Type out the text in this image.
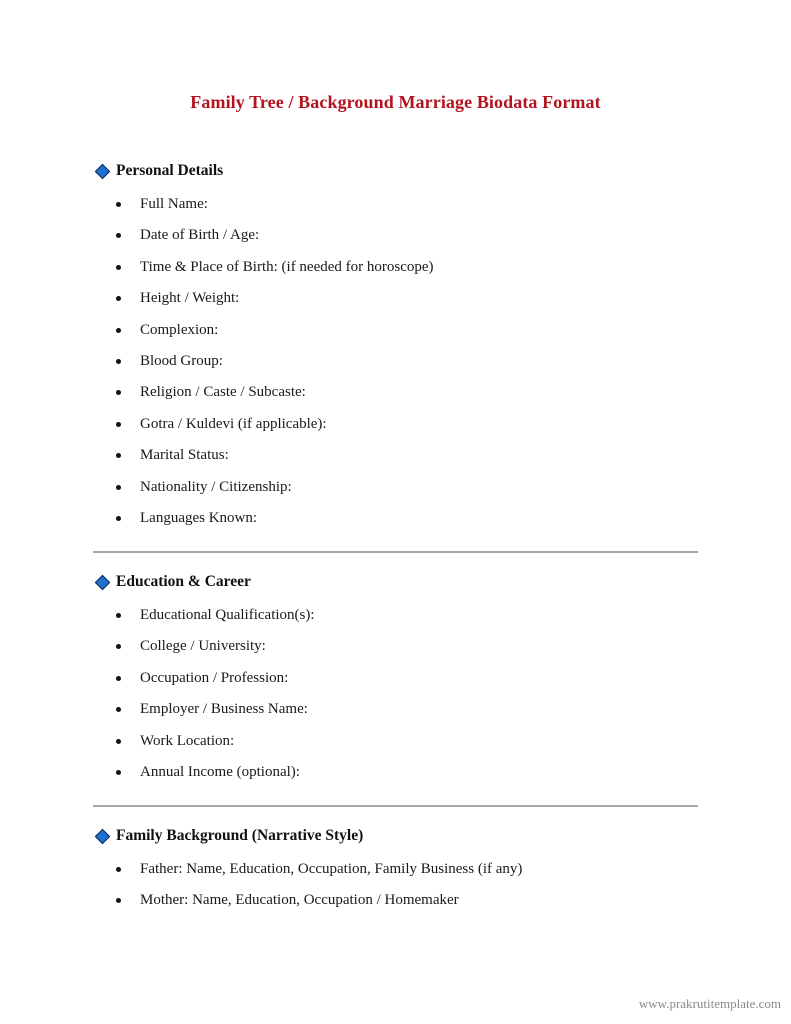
Family Tree / Background Marriage Biodata Format
Personal Details
Full Name:
Date of Birth / Age:
Time & Place of Birth: (if needed for horoscope)
Height / Weight:
Complexion:
Blood Group:
Religion / Caste / Subcaste:
Gotra / Kuldevi (if applicable):
Marital Status:
Nationality / Citizenship:
Languages Known:
Education & Career
Educational Qualification(s):
College / University:
Occupation / Profession:
Employer / Business Name:
Work Location:
Annual Income (optional):
Family Background (Narrative Style)
Father: Name, Education, Occupation, Family Business (if any)
Mother: Name, Education, Occupation / Homemaker
www.prakrutitemplate.com
